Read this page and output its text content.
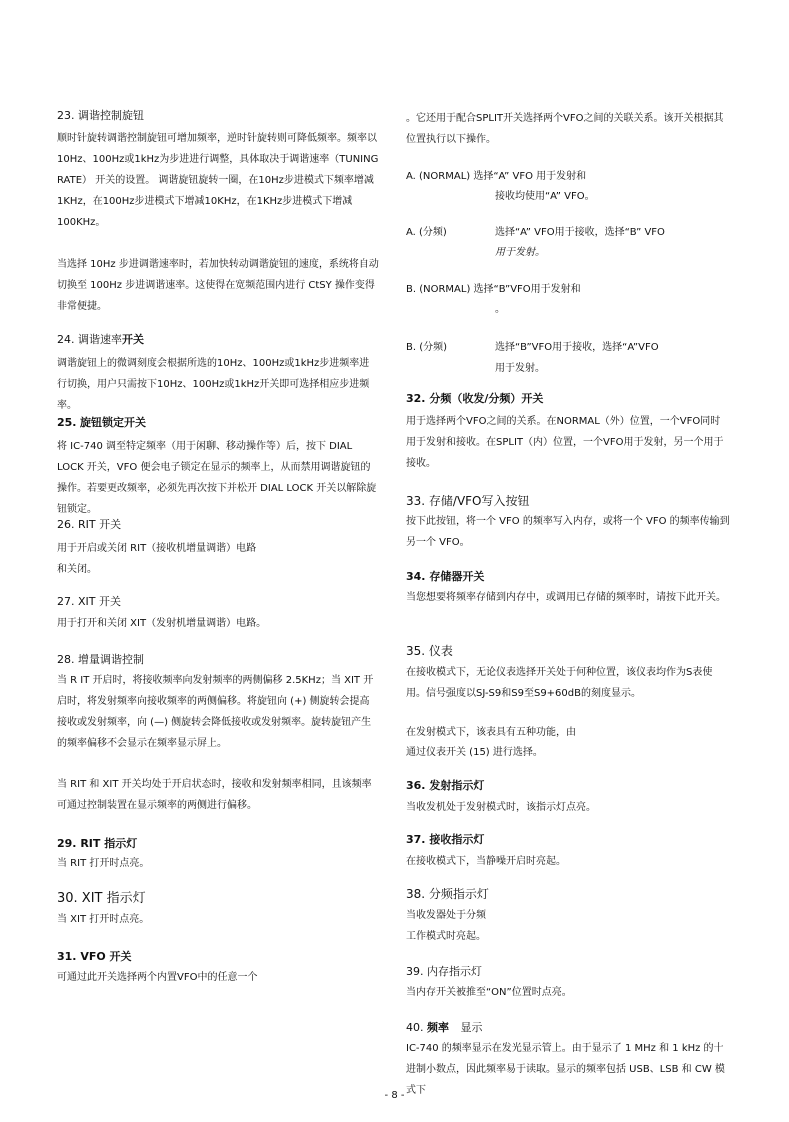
23. 调谐控制旋钮
顺时针旋转调谐控制旋钮可增加频率，逆时针旋转则可降低频率。频率以 10Hz、100Hz或1kHz为步进进行调整，具体取决于调谐速率（TUNING RATE） 开关的设置。 调谐旋钮旋转一圈，在10Hz步进模式下频率增减1KHz，在100Hz步进模式下增减10KHz，在1KHz步进模式下增减100KHz。
当选择 10Hz 步进调谐速率时，若加快转动调谐旋钮的速度，系统将自动切换至 100Hz 步进调谐速率。这使得在宽频范围内进行 CtSY 操作变得非常便捷。
24. 调谐速率开关
调谐旋钮上的微调刻度会根据所选的10Hz、100Hz或1kHz步进频率进行切换，用户只需按下10Hz、100Hz或1kHz开关即可选择相应步进频率。
25. 旋钮锁定开关
将 IC-740 调至特定频率（用于闲聊、移动操作等）后，按下 DIAL LOCK 开关，VFO 便会电子锁定在显示的频率上，从而禁用调谐旋钮的操作。若要更改频率，必须先再次按下并松开 DIAL LOCK 开关以解除旋钮锁定。
26. RIT 开关
用于开启或关闭 RIT（接收机增量调谐）电路
和关闭。
27. XIT 开关
用于打开和关闭 XIT（发射机增量调谐）电路。
28. 增量调谐控制
当 R IT 开启时，将接收频率向发射频率的两侧偏移 2.5KHz；当 XIT 开启时，将发射频率向接收频率的两侧偏移。将旋钮向 (+) 侧旋转会提高接收或发射频率，向 (—) 侧旋转会降低接收或发射频率。旋转旋钮产生的频率偏移不会显示在频率显示屏上。
当 RIT 和 XIT 开关均处于开启状态时，接收和发射频率相同，且该频率可通过控制装置在显示频率的两侧进行偏移。
29. RIT 指示灯
当 RIT 打开时点亮。
30. XIT 指示灯
当 XIT 打开时点亮。
31. VFO 开关
可通过此开关选择两个内置VFO中的任意一个
。它还用于配合SPLIT开关选择两个VFO之间的关联关系。该开关根据其位置执行以下操作。
A. (NORMAL) 选择“A” VFO 用于发射和
接收均使用“A” VFO。
A. (分频)	选择“A” VFO用于接收，选择“B” VFO
用于发射。
B. (NORMAL) 选择“B”VFO用于发射和
。
B. (分频)	选择“B”VFO用于接收，选择“A”VFO
用于发射。
32. 分频（收发/分频）开关
用于选择两个VFO之间的关系。在NORMAL（外）位置，一个VFO同时用于发射和接收。在SPLIT（内）位置，一个VFO用于发射，另一个用于接收。
33. 存储/VFO写入按钮
按下此按钮，将一个 VFO 的频率写入内存，或将一个 VFO 的频率传输到另一个 VFO。
34. 存储器开关
当您想要将频率存储到内存中，或调用已存储的频率时，请按下此开关。
35. 仪表
在接收模式下，无论仪表选择开关处于何种位置，该仪表均作为S表使用。信号强度以SJ-S9和S9至S9+60dB的刻度显示。
在发射模式下，该表具有五种功能，由
通过仪表开关 (15) 进行选择。
36. 发射指示灯
当收发机处于发射模式时，该指示灯点亮。
37. 接收指示灯
在接收模式下，当静噪开启时亮起。
38. 分频指示灯
当收发器处于分频
工作模式时亮起。
39. 内存指示灯
当内存开关被推至“ON”位置时点亮。
40. 频率 显示
IC-740 的频率显示在发光显示管上。由于显示了 1 MHz 和 1 kHz 的十进制小数点，因此频率易于读取。显示的频率包括 USB、LSB 和 CW 模式下
- 8 -
